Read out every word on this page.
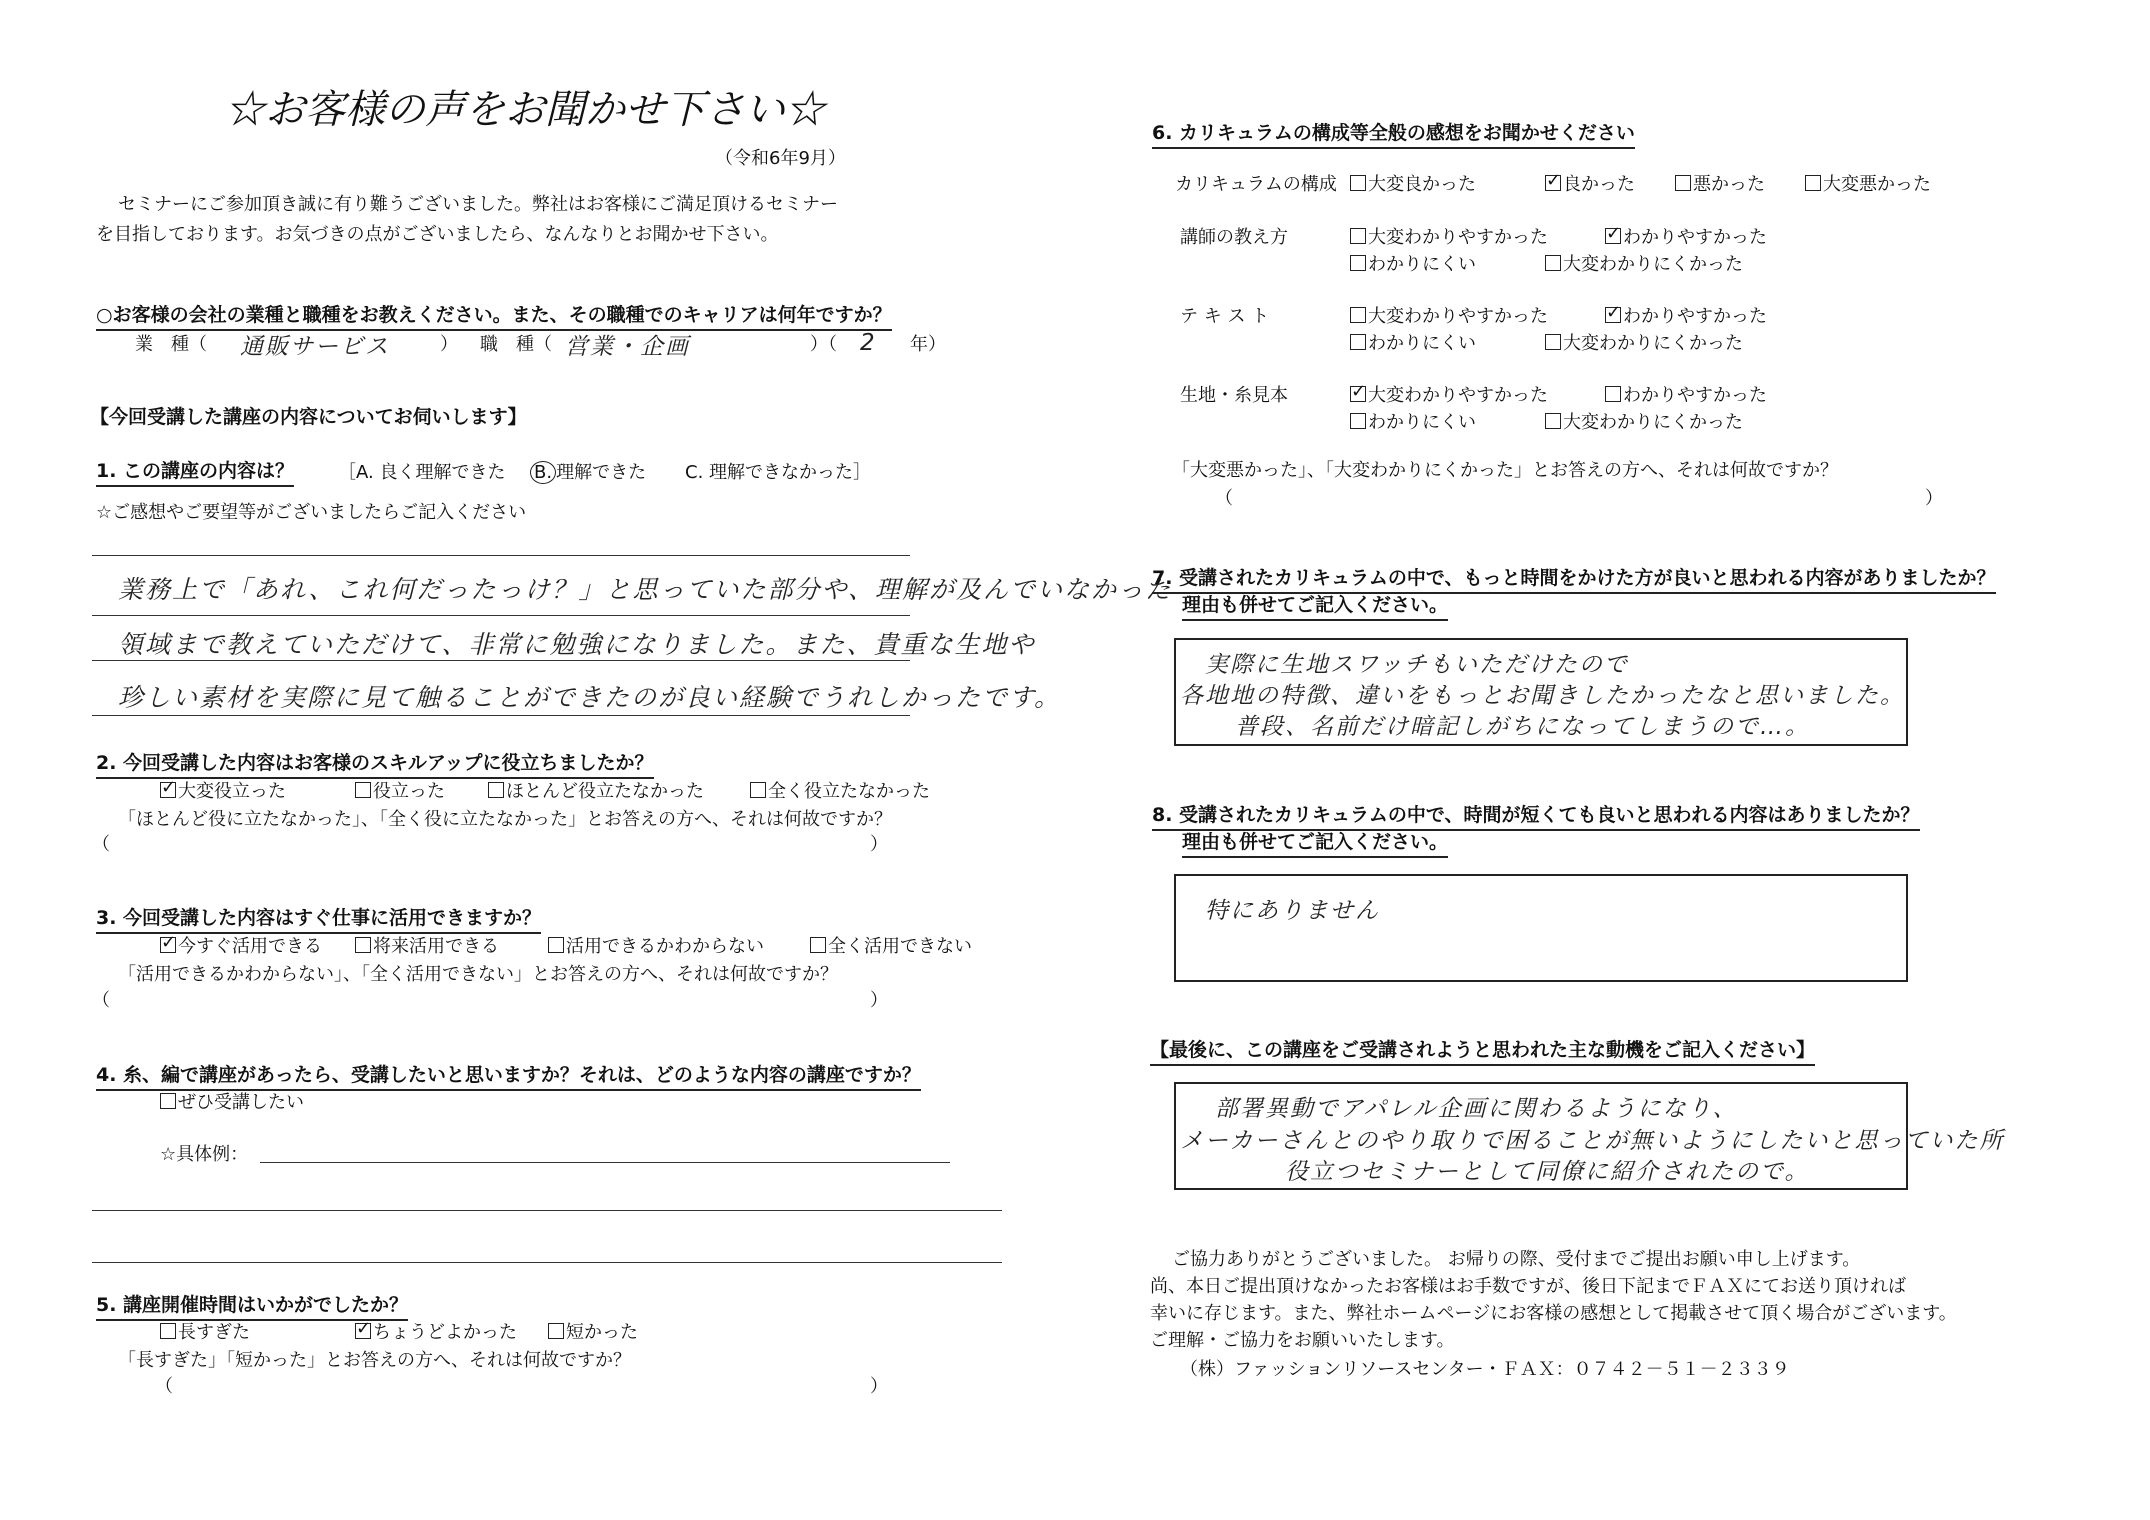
☆お客様の声をお聞かせ下さい☆
（令和6年9月）
セミナーにご参加頂き誠に有り難うございました。弊社はお客様にご満足頂けるセミナー
を目指しております。お気づきの点がございましたら、なんなりとお聞かせ下さい。
○お客様の会社の業種と職種をお教えください。また、その職種でのキャリアは何年ですか？
業　種（ 通販サービス	） 職　種（ 営業・企画	）（ 2 年）
【今回受講した講座の内容についてお伺いします】
1. この講座の内容は？ ［A. 良く理解できた B. 理解できた C. 理解できなかった］
☆ご感想やご要望等がございましたらご記入ください
業務上で「あれ、これ何だったっけ？」と思っていた部分や、理解が及んでいなかった
領域まで教えていただけて、非常に勉強になりました。また、貴重な生地や
珍しい素材を実際に見て触ることができたのが良い経験でうれしかったです。
2. 今回受講した内容はお客様のスキルアップに役立ちましたか？
✓大変役立った	役立った	ほとんど役立たなかった	全く役立たなかった
「ほとんど役に立たなかった」、「全く役に立たなかった」とお答えの方へ、それは何故ですか？
（	）
3. 今回受講した内容はすぐ仕事に活用できますか？
✓今すぐ活用できる	将来活用できる	活用できるかわからない	全く活用できない
「活用できるかわからない」、「全く活用できない」とお答えの方へ、それは何故ですか？
（	）
4. 糸、編で講座があったら、受講したいと思いますか？それは、どのような内容の講座ですか？
ぜひ受講したい
☆具体例：
5. 講座開催時間はいかがでしたか？
長すぎた ✓	ちょうどよかった	短かった
「長すぎた」「短かった」とお答えの方へ、それは何故ですか？
（	）
6. カリキュラムの構成等全般の感想をお聞かせください
カリキュラムの構成	大変良かった ✓	良かった	悪かった	大変悪かった
講師の教え方	大変わかりやすかった ✓	わかりやすかった
わかりにくい	大変わかりにくかった
テ キ ス ト	大変わかりやすかった ✓	わかりやすかった
わかりにくい	大変わかりにくかった
生地・糸見本 ✓	大変わかりやすかった	わかりやすかった
わかりにくい	大変わかりにくかった
「大変悪かった」、「大変わかりにくかった」とお答えの方へ、それは何故ですか？
（	）
7. 受講されたカリキュラムの中で、もっと時間をかけた方が良いと思われる内容がありましたか？
理由も併せてご記入ください。
実際に生地スワッチもいただけたので
各地地の特徴、違いをもっとお聞きしたかったなと思いました。
普段、名前だけ暗記しがちになってしまうので…。
8. 受講されたカリキュラムの中で、時間が短くても良いと思われる内容はありましたか？
理由も併せてご記入ください。
特にありません
【最後に、この講座をご受講されようと思われた主な動機をご記入ください】
部署異動でアパレル企画に関わるようになり、
メーカーさんとのやり取りで困ることが無いようにしたいと思っていた所
役立つセミナーとして同僚に紹介されたので。
ご協力ありがとうございました。 お帰りの際、受付までご提出お願い申し上げます。
尚、本日ご提出頂けなかったお客様はお手数ですが、後日下記までＦＡＸにてお送り頂ければ
幸いに存じます。また、弊社ホームページにお客様の感想として掲載させて頂く場合がございます。
ご理解・ご協力をお願いいたします。
（株）ファッションリソースセンター・ＦＡＸ：０７４２－５１－２３３９
